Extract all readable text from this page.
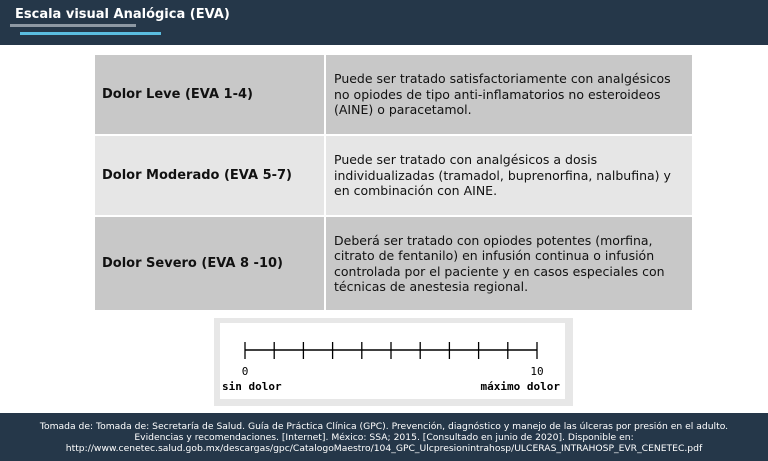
Escala visual Analógica (EVA)
Dolor Leve (EVA 1-4)	Puede ser tratado satisfactoriamente con analgésicos no opiodes de tipo anti-inflamatorios no esteroideos (AINE) o paracetamol.
Dolor Moderado (EVA 5-7)	Puede ser tratado con analgésicos a dosis individualizadas (tramadol, buprenorfina, nalbufina) y en combinación con AINE.
Dolor Severo (EVA 8 -10)	Deberá ser tratado con opiodes potentes (morfina, citrato de fentanilo) en infusión continua o infusión controlada por el paciente y en casos especiales con técnicas de anestesia regional.
0	10
sin dolor	máximo dolor
Tomada de: Tomada de: Secretaría de Salud. Guía de Práctica Clínica (GPC). Prevención, diagnóstico y manejo de las úlceras por presión en el adulto. Evidencias y recomendaciones. [Internet]. México: SSA; 2015. [Consultado en junio de 2020]. Disponible en: http://www.cenetec.salud.gob.mx/descargas/gpc/CatalogoMaestro/104_GPC_Ulcpresionintrahosp/ULCERAS_INTRAHOSP_EVR_CENETEC.pdf
